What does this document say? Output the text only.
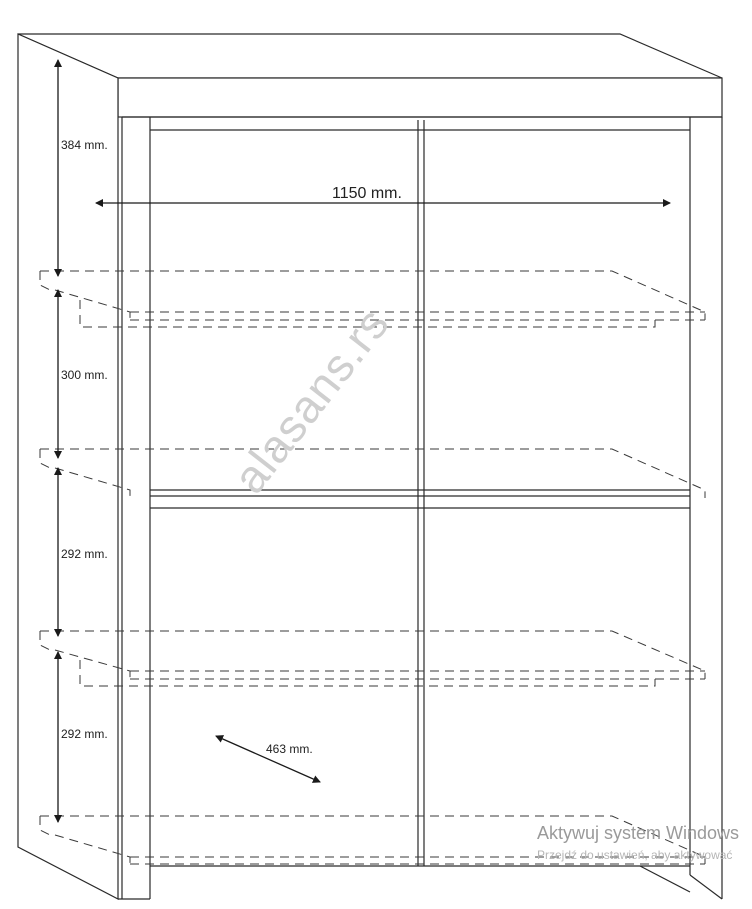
alasans.rs
1150 mm.
463 mm.
384 mm.
300 mm.
292 mm.
292 mm.
Aktywuj system Windows
Przejdź do ustawień, aby aktywować
